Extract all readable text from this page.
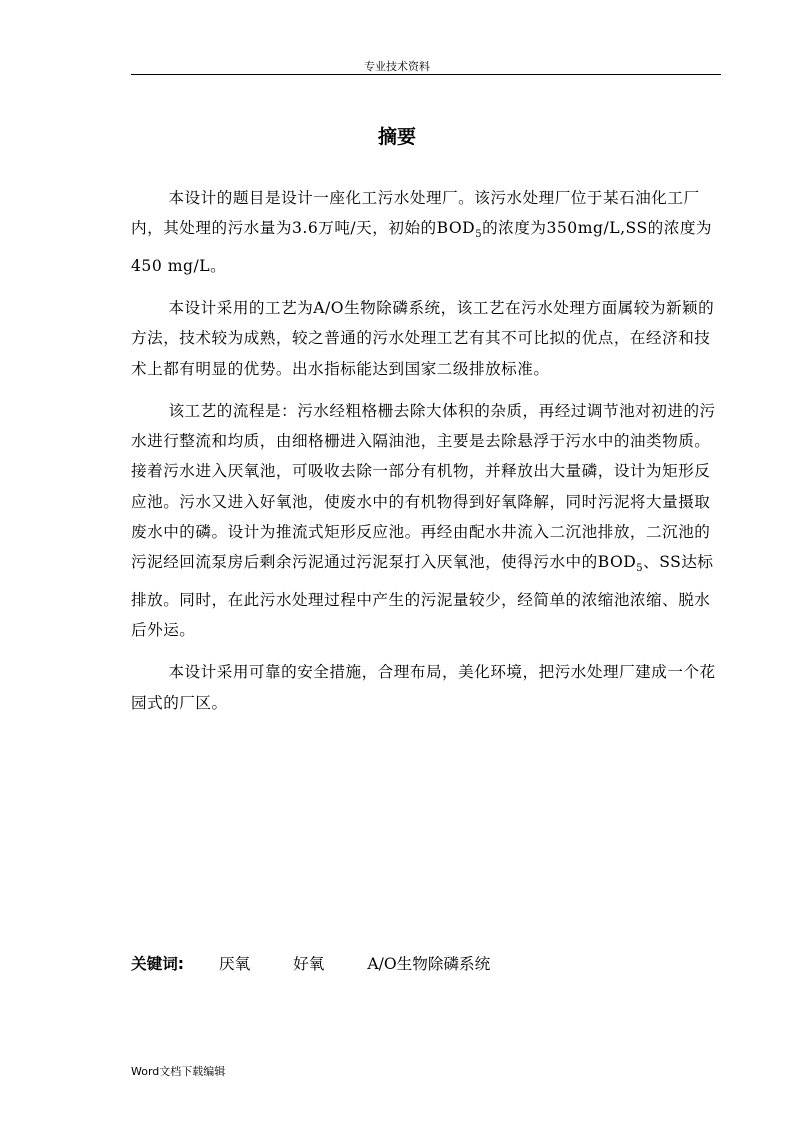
专业技术资料
摘要

本设计的题目是设计一座化工污水处理厂。该污水处理厂位于某石油化工厂内，其处理的污水量为3.6万吨/天，初始的$BOD_5$的浓度为350mg/L,SS的浓度为450 mg/L。

本设计采用的工艺为A/O生物除磷系统，该工艺在污水处理方面属较为新颖的方法，技术较为成熟，较之普通的污水处理工艺有其不可比拟的优点，在经济和技术上都有明显的优势。出水指标能达到国家二级排放标准。

该工艺的流程是：污水经粗格栅去除大体积的杂质，再经过调节池对初进的污水进行整流和均质，由细格栅进入隔油池，主要是去除悬浮于污水中的油类物质。接着污水进入厌氧池，可吸收去除一部分有机物，并释放出大量磷，设计为矩形反应池。污水又进入好氧池，使废水中的有机物得到好氧降解，同时污泥将大量摄取废水中的磷。设计为推流式矩形反应池。再经由配水井流入二沉池排放，二沉池的污泥经回流泵房后剩余污泥通过污泥泵打入厌氧池，使得污水中的$BOD_5$、SS达标排放。同时，在此污水处理过程中产生的污泥量较少，经简单的浓缩池浓缩、脱水后外运。

本设计采用可靠的安全措施，合理布局，美化环境，把污水处理厂建成一个花园式的厂区。

关键词: 厌氧	好氧	A/O生物除磷系统
Word文档下载编辑
